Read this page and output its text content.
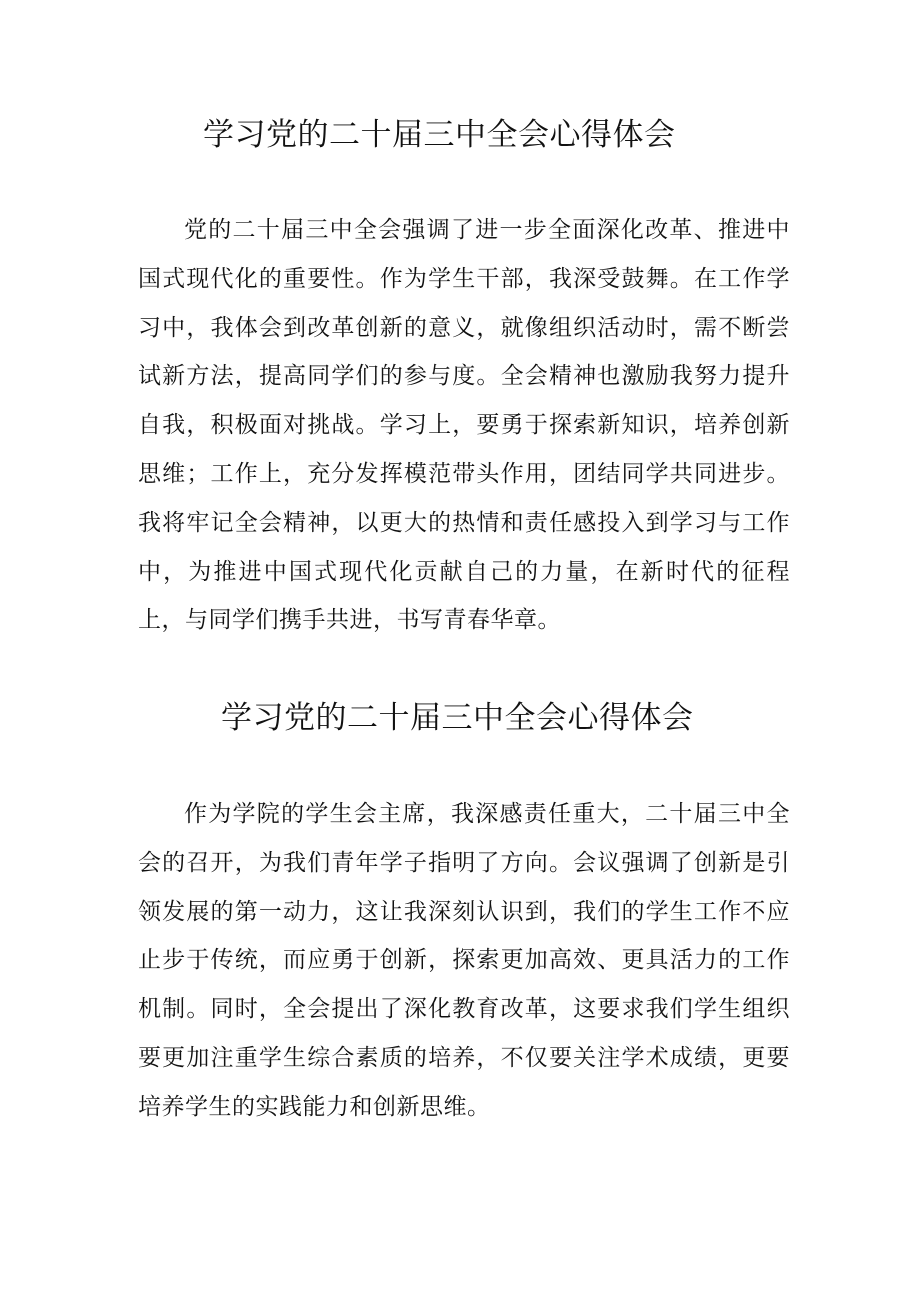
学习党的二十届三中全会心得体会

党的二十届三中全会强调了进一步全面深化改革、推进中国式现代化的重要性。作为学生干部，我深受鼓舞。在工作学习中，我体会到改革创新的意义，就像组织活动时，需不断尝试新方法，提高同学们的参与度。全会精神也激励我努力提升自我，积极面对挑战。学习上，要勇于探索新知识，培养创新思维；工作上，充分发挥模范带头作用，团结同学共同进步。我将牢记全会精神，以更大的热情和责任感投入到学习与工作中，为推进中国式现代化贡献自己的力量，在新时代的征程上，与同学们携手共进，书写青春华章。

学习党的二十届三中全会心得体会

作为学院的学生会主席，我深感责任重大，二十届三中全会的召开，为我们青年学子指明了方向。会议强调了创新是引领发展的第一动力，这让我深刻认识到，我们的学生工作不应止步于传统，而应勇于创新，探索更加高效、更具活力的工作机制。同时，全会提出了深化教育改革，这要求我们学生组织要更加注重学生综合素质的培养，不仅要关注学术成绩，更要培养学生的实践能力和创新思维。
